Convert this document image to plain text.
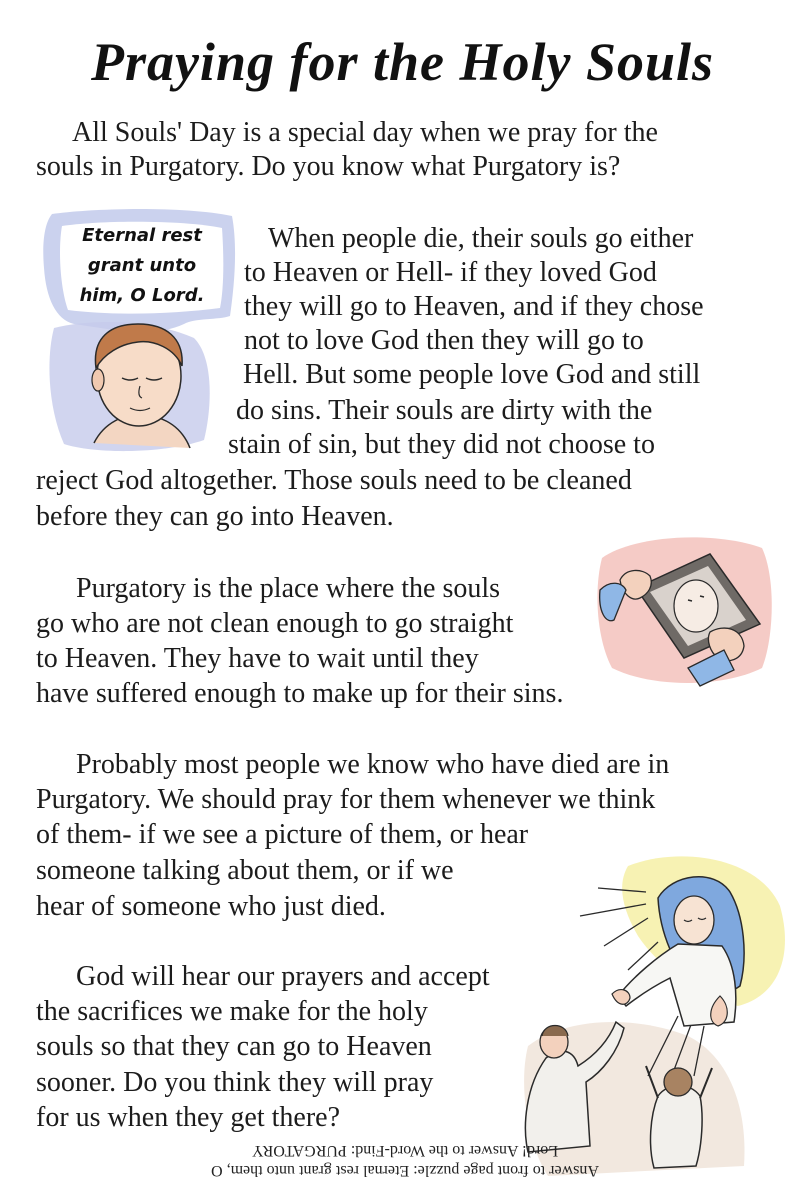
Praying for the Holy Souls
All Souls' Day is a special day when we pray for the
souls in Purgatory. Do you know what Purgatory is?
Eternal rest
grant unto
him, O Lord.
When people die, their souls go either
to Heaven or Hell- if they loved God
they will go to Heaven, and if they chose
not to love God then they will go to
Hell. But some people love God and still
do sins. Their souls are dirty with the
stain of sin, but they did not choose to
reject God altogether. Those souls need to be cleaned
before they can go into Heaven.
Purgatory is the place where the souls
go who are not clean enough to go straight
to Heaven. They have to wait until they
have suffered enough to make up for their sins.
Probably most people we know who have died are in
Purgatory. We should pray for them whenever we think
of them- if we see a picture of them, or hear
someone talking about them, or if we
hear of someone who just died.
God will hear our prayers and accept
the sacrifices we make for the holy
souls so that they can go to Heaven
sooner. Do you think they will pray
for us when they get there?
Answer to front page puzzle: Eternal rest grant unto them, O
Lord! Answer to the Word-Find: PURGATORY
